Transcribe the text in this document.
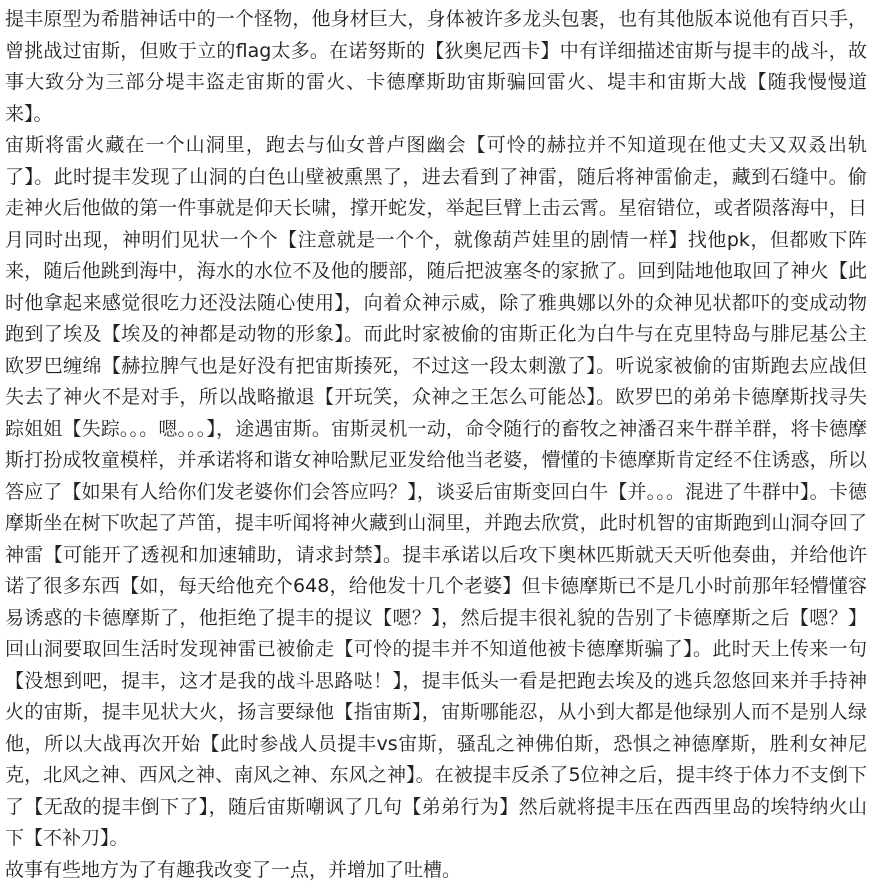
提丰原型为希腊神话中的一个怪物，他身材巨大，身体被许多龙头包裹，也有其他版本说他有百只手，曾挑战过宙斯，但败于立的flag太多。在诺努斯的【狄奥尼西卡】中有详细描述宙斯与提丰的战斗，故事大致分为三部分堤丰盗走宙斯的雷火、卡德摩斯助宙斯骗回雷火、堤丰和宙斯大战【随我慢慢道来】。

宙斯将雷火藏在一个山洞里，跑去与仙女普卢图幽会【可怜的赫拉并不知道现在他丈夫又双叒出轨了】。此时提丰发现了山洞的白色山壁被熏黑了，进去看到了神雷，随后将神雷偷走，藏到石缝中。偷走神火后他做的第一件事就是仰天长啸，撑开蛇发，举起巨臂上击云霄。星宿错位，或者陨落海中，日月同时出现，神明们见状一个个【注意就是一个个，就像葫芦娃里的剧情一样】找他pk，但都败下阵来，随后他跳到海中，海水的水位不及他的腰部，随后把波塞冬的家掀了。回到陆地他取回了神火【此时他拿起来感觉很吃力还没法随心使用】，向着众神示威，除了雅典娜以外的众神见状都吓的变成动物跑到了埃及【埃及的神都是动物的形象】。而此时家被偷的宙斯正化为白牛与在克里特岛与腓尼基公主欧罗巴缠绵【赫拉脾气也是好没有把宙斯揍死，不过这一段太刺激了】。听说家被偷的宙斯跑去应战但失去了神火不是对手，所以战略撤退【开玩笑，众神之王怎么可能怂】。欧罗巴的弟弟卡德摩斯找寻失踪姐姐【失踪。。。嗯。。。】，途遇宙斯。宙斯灵机一动，命令随行的畜牧之神潘召来牛群羊群，将卡德摩斯打扮成牧童模样，并承诺将和谐女神哈默尼亚发给他当老婆，懵懂的卡德摩斯肯定经不住诱惑，所以答应了【如果有人给你们发老婆你们会答应吗？】，谈妥后宙斯变回白牛【并。。。混进了牛群中】。卡德摩斯坐在树下吹起了芦笛，提丰听闻将神火藏到山洞里，并跑去欣赏，此时机智的宙斯跑到山洞夺回了神雷【可能开了透视和加速辅助，请求封禁】。提丰承诺以后攻下奥林匹斯就天天听他奏曲，并给他许诺了很多东西【如，每天给他充个648，给他发十几个老婆】但卡德摩斯已不是几小时前那年轻懵懂容易诱惑的卡德摩斯了，他拒绝了提丰的提议【嗯？】，然后提丰很礼貌的告别了卡德摩斯之后【嗯？】回山洞要取回生活时发现神雷已被偷走【可怜的提丰并不知道他被卡德摩斯骗了】。此时天上传来一句【没想到吧，提丰，这才是我的战斗思路哒！】，提丰低头一看是把跑去埃及的逃兵忽悠回来并手持神火的宙斯，提丰见状大火，扬言要绿他【指宙斯】，宙斯哪能忍，从小到大都是他绿别人而不是别人绿他，所以大战再次开始【此时参战人员提丰vs宙斯，骚乱之神佛伯斯，恐惧之神德摩斯，胜利女神尼克，北风之神、西风之神、南风之神、东风之神】。在被提丰反杀了5位神之后，提丰终于体力不支倒下了【无敌的提丰倒下了】，随后宙斯嘲讽了几句【弟弟行为】然后就将提丰压在西西里岛的埃特纳火山下【不补刀】。

故事有些地方为了有趣我改变了一点，并增加了吐槽。
